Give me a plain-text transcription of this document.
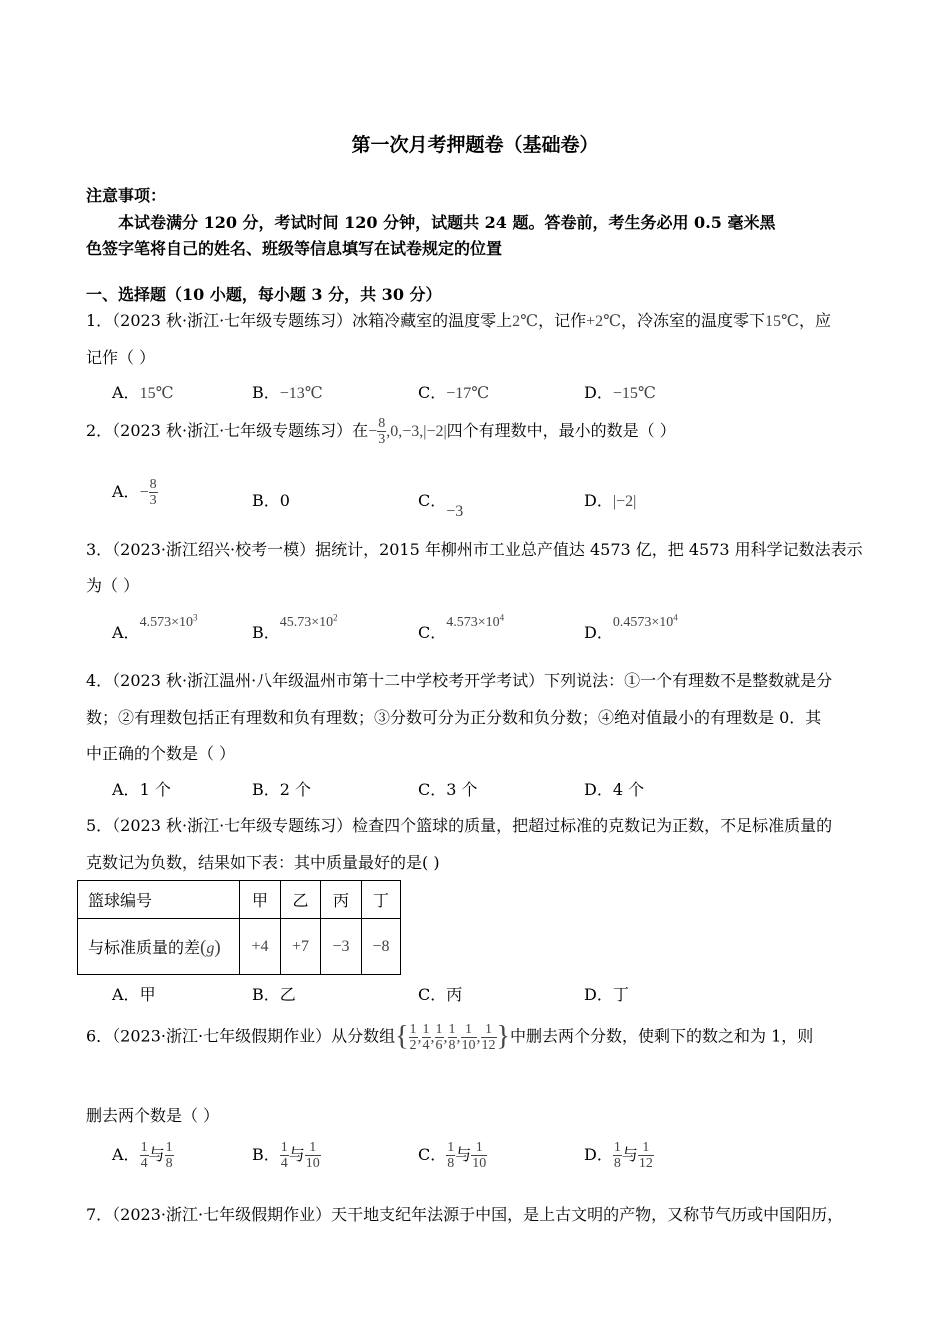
第一次月考押题卷（基础卷）
注意事项：
本试卷满分 120 分，考试时间 120 分钟，试题共 24 题。答卷前，考生务必用 0.5 毫米黑
色签字笔将自己的姓名、班级等信息填写在试卷规定的位置
一、选择题（10 小题，每小题 3 分，共 30 分）
1．（2023 秋·浙江·七年级专题练习）冰箱冷藏室的温度零上2℃，记作+2℃，冷冻室的温度零下15℃，应
记作（ ）
A．15℃	B．−13℃	C．−17℃	D．−15℃
2．（2023 秋·浙江·七年级专题练习）在− $\frac{8}{3} ,0,-3,|-2|$四个有理数中，最小的数是（ ）
A．− $\frac{8}{3}$	B．0	C．−3
D．|−2|
3．（2023·浙江绍兴·校考一模）据统计，2015 年柳州市工业总产值达 4573 亿，把 4573 用科学记数法表示
为（ ）
A．$4.573\times 10^3$
B．$45.73\times 10^2$
C．$4.573\times 10^4$
D．$0.4573\times 10^4$
4．（2023 秋·浙江温州·八年级温州市第十二中学校考开学考试）下列说法：①一个有理数不是整数就是分
数；②有理数包括正有理数和负有理数；③分数可分为正分数和负分数；④绝对值最小的有理数是 0．其
中正确的个数是（ ）
A．1 个	B．2 个	C．3 个	D．4 个
5．（2023 秋·浙江·七年级专题练习）检查四个篮球的质量，把超过标准的克数记为正数，不足标准质量的
克数记为负数，结果如下表：其中质量最好的是( )
篮球编号	甲	乙	丙	丁
与标准质量的差(g)	+4	+7	−3	−8
A．甲	B．乙	C．丙	D．丁
6．（2023·浙江·七年级假期作业）从分数组{ $\frac{1}{2}$ , $\frac{1}{4}$ , $\frac{1}{6}$ , $\frac{1}{8}$ , $\frac{1}{10}$ , $\frac{1}{12}$ }中删去两个分数，使剩下的数之和为 1，则
删去两个数是（ ）
A． $\frac{1}{4}$ 与 $\frac{1}{8}$	B． $\frac{1}{4}$ 与 $\frac{1}{10}$	C． $\frac{1}{8}$ 与 $\frac{1}{10}$	D． $\frac{1}{8}$ 与 $\frac{1}{12}$
7．（2023·浙江·七年级假期作业）天干地支纪年法源于中国，是上古文明的产物，又称节气历或中国阳历，
